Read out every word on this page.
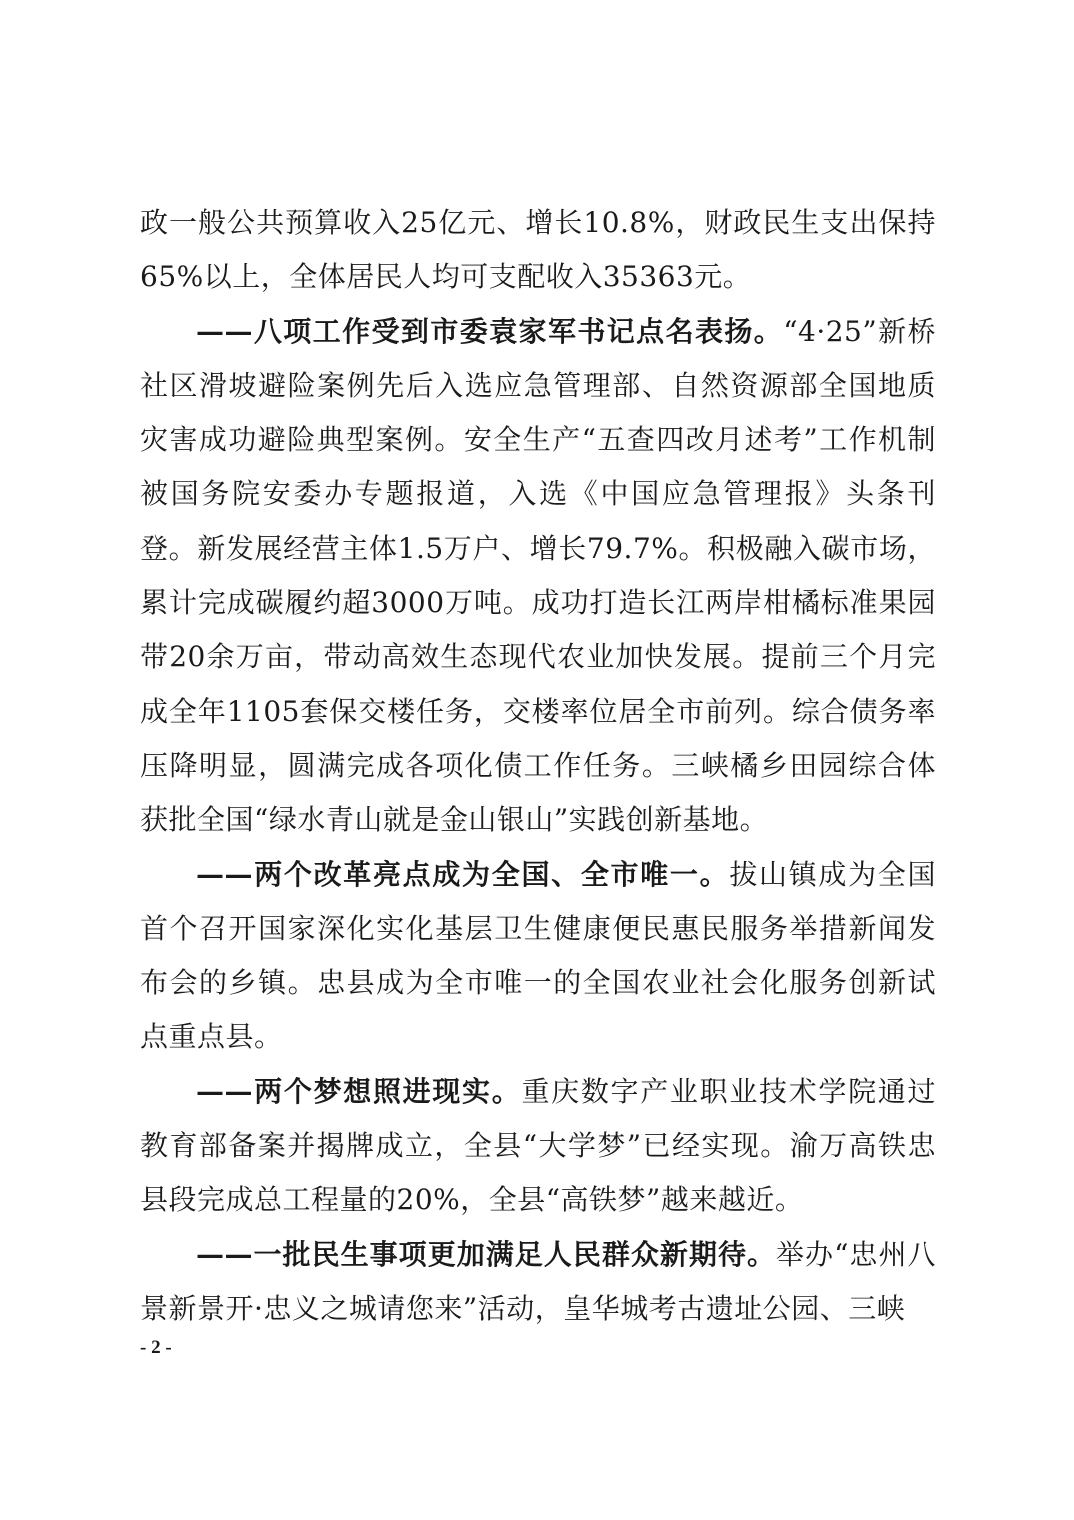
政一般公共预算收入25亿元、增长10.8%，财政民生支出保持65%以上，全体居民人均可支配收入35363元。

——八项工作受到市委袁家军书记点名表扬。“4·25”新桥社区滑坡避险案例先后入选应急管理部、自然资源部全国地质灾害成功避险典型案例。安全生产“五查四改月述考”工作机制被国务院安委办专题报道，入选《中国应急管理报》头条刊登。新发展经营主体1.5万户、增长79.7%。积极融入碳市场，累计完成碳履约超3000万吨。成功打造长江两岸柑橘标准果园带20余万亩，带动高效生态现代农业加快发展。提前三个月完成全年1105套保交楼任务，交楼率位居全市前列。综合债务率压降明显，圆满完成各项化债工作任务。三峡橘乡田园综合体获批全国“绿水青山就是金山银山”实践创新基地。

——两个改革亮点成为全国、全市唯一。拔山镇成为全国首个召开国家深化实化基层卫生健康便民惠民服务举措新闻发布会的乡镇。忠县成为全市唯一的全国农业社会化服务创新试点重点县。

——两个梦想照进现实。重庆数字产业职业技术学院通过教育部备案并揭牌成立，全县“大学梦”已经实现。渝万高铁忠县段完成总工程量的20%，全县“高铁梦”越来越近。

——一批民生事项更加满足人民群众新期待。举办“忠州八景新景开·忠义之城请您来”活动，皇华城考古遗址公园、三峡

- 2 -
